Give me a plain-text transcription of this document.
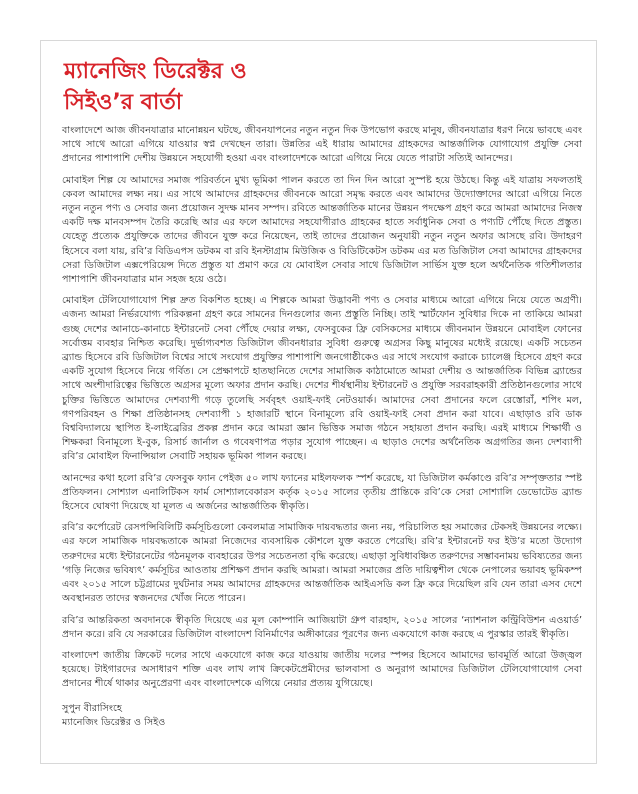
ম্যানেজিং ডিরেক্টর ও
সিইও’র বার্তা

বাংলাদেশে আজ জীবনযাত্রার মানোন্নয়ন ঘটছে, জীবনযাপনের নতুন নতুন দিক উপভোগ করছে মানুষ, জীবনযাত্রার ধরণ নিয়ে ভাবছে এবং সাথে সাথে আরো এগিয়ে যাওয়ার স্বপ্ন দেখছেন তারা। উন্নতির এই ধারায় আমাদের গ্রাহকদের আন্তর্জালিক যোগাযোগ প্রযুক্তি সেবা প্রদানের পাশাপাশি দেশীয় উন্নয়নে সহযোগী হওয়া এবং বাংলাদেশকে আরো এগিয়ে নিয়ে যেতে পারাটা সত্যিই আনন্দের।

মোবাইল শিল্প যে আমাদের সমাজ পরিবর্তনে মুখ্য ভূমিকা পালন করতে তা দিন দিন আরো সুস্পষ্ট হয়ে উঠছে। কিন্তু এই যাত্রায় সফলতাই কেবল আমাদের লক্ষ্য নয়। এর সাথে আমাদের গ্রাহকদের জীবনকে আরো সমৃদ্ধ করতে এবং আমাদের উদ্যোক্তাদের আরো এগিয়ে নিতে নতুন নতুন পণ্য ও সেবার জন্য প্রয়োজন সুদক্ষ মানব সম্পদ। রবিতে আন্তর্জাতিক মানের উন্নয়ন পদক্ষেপ গ্রহণ করে আমরা আমাদের নিজস্ব একটি দক্ষ মানবসম্পদ তৈরি করেছি আর এর ফলে আমাদের সহযোগীরাও গ্রাহকের হাতে সর্বাধুনিক সেবা ও পণ্যটি পৌঁছে দিতে প্রস্তুত। যেহেতু প্রত্যেক প্রযুক্তিকে তাদের জীবনে যুক্ত করে নিয়েছেন, তাই তাদের প্রয়োজন অনুযায়ী নতুন নতুন অফার আসছে রবি। উদাহরণ হিসেবে বলা যায়, রবি’র বিডিএপস ডটকম বা রবি ইনস্টাগ্রাম মিউজিক ও বিডিটিকেটস ডটকম এর মত ডিজিটাল সেবা আমাদের গ্রাহকদের সেরা ডিজিটাল এক্সপেরিয়েন্স দিতে প্রস্তুত যা প্রমাণ করে যে মোবাইল সেবার সাথে ডিজিটাল সার্ভিস যুক্ত হলে অর্থনৈতিক গতিশীলতার পাশাপাশি জীবনযাত্রার মান সহজ হয়ে ওঠে।

মোবাইল টেলিযোগাযোগ শিল্প দ্রুত বিকশিত হচ্ছে। এ শিল্পকে আমরা উদ্ভাবনী পণ্য ও সেবার মাধ্যমে আরো এগিয়ে নিয়ে যেতে অগ্রণী। এজন্য আমরা নির্ভরযোগ্য পরিকল্পনা গ্রহণ করে সামনের দিনগুলোর জন্য প্রস্তুতি নিচ্ছি। তাই স্মার্টফোন সুবিধার দিকে না তাকিয়ে আমরা গুচ্ছ দেশের আনাচে-কানাচে ইন্টারনেট সেবা পৌঁছে দেয়ার লক্ষ্য, ফেসবুকের ফ্রি বেসিকসের মাধ্যমে জীবনমান উন্নয়নে মোবাইল ফোনের সর্বোত্তম ব্যবহার নিশ্চিত করেছি। দুর্ভাগ্যবশত ডিজিটাল জীবনধারার সুবিধা গুরুত্বে অগ্রসর কিছু মানুষের মধ্যেই রয়েছে। একটি সচেতন ব্র্যান্ড হিসেবে রবি ডিজিটাল বিশ্বের সাথে সংযোগ প্রযুক্তির পাশাপাশি জনগোষ্ঠীকেও এর সাথে সংযোগ করাকে চ্যালেঞ্জ হিসেবে গ্রহণ করে একটি সুযোগ হিসেবে নিয়ে গর্বিত। সে প্রেক্ষাপটে হাতছানিতে দেশের সামাজিক কাঠামোতে আমরা দেশীয় ও আন্তর্জাতিক বিভিন্ন ব্র্যান্ডের সাথে অংশীদারিত্বের ভিত্তিতে অগ্রসর মূল্যে অফার প্রদান করছি। দেশের শীর্ষস্থানীয় ইন্টারনেট ও প্রযুক্তি সরবরাহকারী প্রতিষ্ঠানগুলোর সাথে চুক্তির ভিত্তিতে আমাদের দেশব্যাপী গড়ে তুলেছি সর্ববৃহৎ ওয়াই-ফাই নেটওয়ার্ক। আমাদের সেবা প্রদানের ফলে রেস্তোরাঁ, শপিং মল, গণপরিবহন ও শিক্ষা প্রতিষ্ঠানসহ দেশব্যাপী ১ হাজারটি স্থানে বিনামূল্যে রবি ওয়াই-ফাই সেবা প্রদান করা যাবে। এছাড়াও রবি ডাক বিশ্ববিদ্যালয়ে স্থাপিত ই-লাইব্রেরির প্রকল্প প্রদান করে আমরা জ্ঞান ভিত্তিক সমাজ গঠনে সহায়তা প্রদান করছি। এরই মাধ্যমে শিক্ষার্থী ও শিক্ষকরা বিনামূল্যে ই-বুক, রিসার্চ জার্নাল ও গবেষণাপত্র পড়ার সুযোগ পাচ্ছেন। এ ছাড়াও দেশের অর্থনৈতিক অগ্রগতির জন্য দেশব্যাপী রবি’র মোবাইল ফিনান্সিয়াল সেবাটি সহায়ক ভূমিকা পালন করছে।

আনন্দের কথা হলো রবি’র ফেসবুক ফ্যান পেইজ ৫০ লাখ ফ্যানের মাইলফলক স্পর্শ করেছে, যা ডিজিটাল কর্মকাণ্ডে রবি’র সম্পৃক্ততার স্পষ্ট প্রতিফলন। সোশ্যাল এনালিটিকস ফার্ম সোশ্যালবেকারস কর্তৃক ২০১৫ সালের তৃতীয় প্রান্তিকে রবি’কে সেরা সোশ্যালি ডেভোটেড ব্র্যান্ড হিসেবে ঘোষণা দিয়েছে যা মূলত এ অর্জনের আন্তর্জাতিক স্বীকৃতি।

রবি’র কর্পোরেট রেসপন্সিবিলিটি কর্মসূচিগুলো কেবলমাত্র সামাজিক দায়বদ্ধতার জন্য নয়, পরিচালিত হয় সমাজের টেকসই উন্নয়নের লক্ষ্যে। এর ফলে সামাজিক দায়বদ্ধতাকে আমরা নিজেদের ব্যবসায়িক কৌশলে যুক্ত করতে পেরেছি। রবি’র ইন্টারনেট ফর ইউ’র মতো উদ্যোগ তরুণদের মধ্যে ইন্টারনেটের গঠনমূলক ব্যবহারের উপর সচেতনতা বৃদ্ধি করেছে। এছাড়া সুবিধাবঞ্চিত তরুণদের সম্ভাবনাময় ভবিষ্যতের জন্য ‘গড়ি নিজের ভবিষ্যৎ’ কর্মসূচির আওতায় প্রশিক্ষণ প্রদান করছি আমরা। আমরা সমাজের প্রতি দায়িত্বশীল থেকে নেপালের ভয়াবহ ভূমিকম্প এবং ২০১৫ সালে চট্টগ্রামের দুর্ঘটনার সময় আমাদের গ্রাহকদের আন্তর্জাতিক আইএসডি কল ফ্রি করে দিয়েছিল রবি যেন তারা এসব দেশে অবস্থানরত তাদের স্বজনদের খোঁজ নিতে পারেন।

রবি’র আন্তরিকতা অবদানকে স্বীকৃতি দিয়েছে এর মূল কোম্পানি আজিয়াটা গ্রুপ বারহাদ, ২০১৫ সালের ‘ন্যাশনাল কন্ট্রিবিউশন এওয়ার্ড’ প্রদান করে। রবি যে সরকারের ডিজিটাল বাংলাদেশ বিনির্মাণের অঙ্গীকারের পূরণের জন্য একযোগে কাজ করছে এ পুরস্কার তারই স্বীকৃতি।

বাংলাদেশ জাতীয় ক্রিকেট দলের সাথে একযোগে কাজ করে যাওয়ায় জাতীয় দলের স্পন্সর হিসেবে আমাদের ভাবমূর্তি আরো উজ্জ্বল হয়েছে। টাইগারদের অসাধারণ শক্তি এবং লাখ লাখ ক্রিকেটপ্রেমীদের ভালবাসা ও অনুরাগ আমাদের ডিজিটাল টেলিযোগাযোগ সেবা প্রদানের শীর্ষে থাকার অনুপ্রেরণা এবং বাংলাদেশকে এগিয়ে নেয়ার প্রত্যয় যুগিয়েছে।

সুপুন বীরাসিংহে
ম্যানেজিং ডিরেক্টর ও সিইও
